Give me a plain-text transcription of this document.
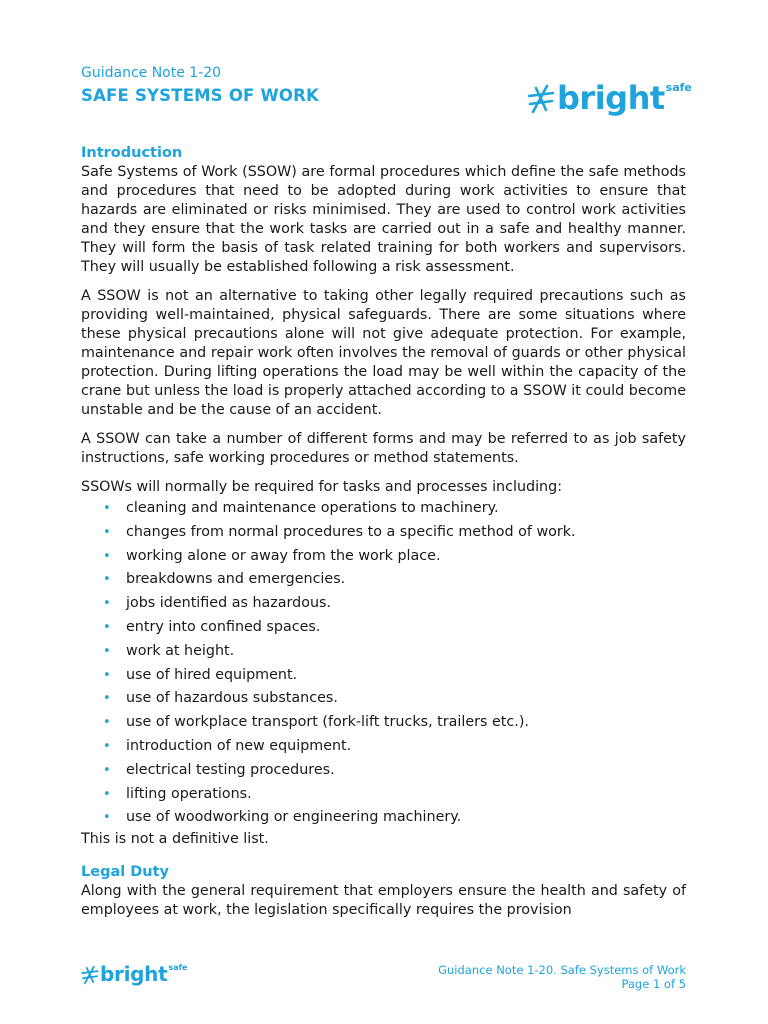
Guidance Note 1-20
SAFE SYSTEMS OF WORK	bright safe
Introduction

Safe Systems of Work (SSOW) are formal procedures which define the safe methods and procedures that need to be adopted during work activities to ensure that hazards are eliminated or risks minimised. They are used to control work activities and they ensure that the work tasks are carried out in a safe and healthy manner. They will form the basis of task related training for both workers and supervisors. They will usually be established following a risk assessment.

A SSOW is not an alternative to taking other legally required precautions such as providing well-maintained, physical safeguards. There are some situations where these physical precautions alone will not give adequate protection. For example, maintenance and repair work often involves the removal of guards or other physical protection. During lifting operations the load may be well within the capacity of the crane but unless the load is properly attached according to a SSOW it could become unstable and be the cause of an accident.

A SSOW can take a number of different forms and may be referred to as job safety instructions, safe working procedures or method statements.

SSOWs will normally be required for tasks and processes including:

• cleaning and maintenance operations to machinery.
• changes from normal procedures to a specific method of work.
• working alone or away from the work place.
• breakdowns and emergencies.
• jobs identified as hazardous.
• entry into confined spaces.
• work at height.
• use of hired equipment.
• use of hazardous substances.
• use of workplace transport (fork-lift trucks, trailers etc.).
• introduction of new equipment.
• electrical testing procedures.
• lifting operations.
• use of woodworking or engineering machinery.

This is not a definitive list.

Legal Duty

Along with the general requirement that employers ensure the health and safety of employees at work, the legislation specifically requires the provision

bright safe	Guidance Note 1-20. Safe Systems of Work
Page 1 of 5
